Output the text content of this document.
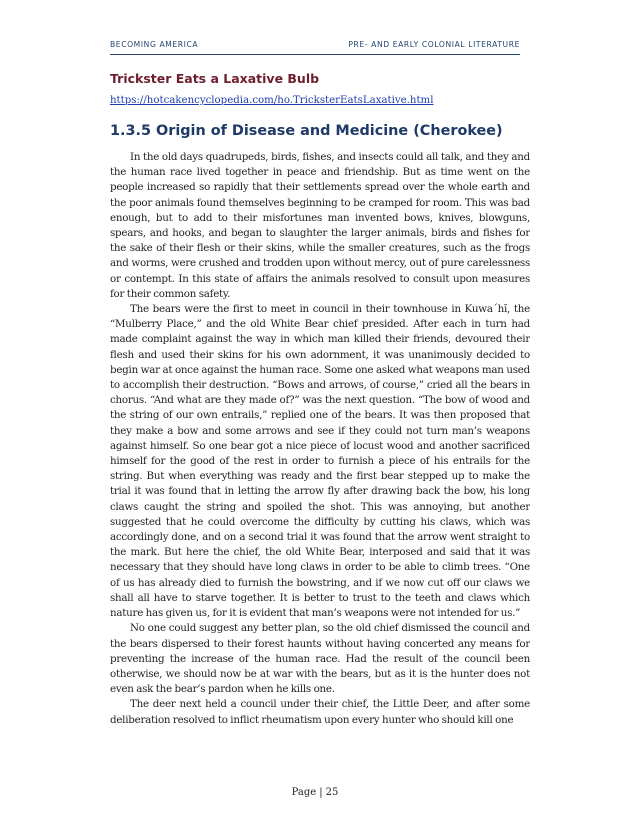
BECOMING AMERICA	PRE- AND EARLY COLONIAL LITERATURE
Trickster Eats a Laxative Bulb
https://hotcakencyclopedia.com/ho.TricksterEatsLaxative.html
1.3.5 Origin of Disease and Medicine (Cherokee)

In the old days quadrupeds, birds, fishes, and insects could all talk, and they and the human race lived together in peace and friendship. But as time went on the people increased so rapidly that their settlements spread over the whole earth and the poor animals found themselves beginning to be cramped for room. This was bad enough, but to add to their misfortunes man invented bows, knives, blowguns, spears, and hooks, and began to slaughter the larger animals, birds and fishes for the sake of their flesh or their skins, while the smaller creatures, such as the frogs and worms, were crushed and trodden upon without mercy, out of pure carelessness or contempt. In this state of affairs the animals resolved to consult upon measures for their common safety.

The bears were the first to meet in council in their townhouse in Kuwa´hĭ, the “Mulberry Place,” and the old White Bear chief presided. After each in turn had made complaint against the way in which man killed their friends, devoured their flesh and used their skins for his own adornment, it was unanimously decided to begin war at once against the human race. Some one asked what weapons man used to accomplish their destruction. “Bows and arrows, of course,” cried all the bears in chorus. “And what are they made of?” was the next question. “The bow of wood and the string of our own entrails,” replied one of the bears. It was then proposed that they make a bow and some arrows and see if they could not turn man’s weapons against himself. So one bear got a nice piece of locust wood and another sacrificed himself for the good of the rest in order to furnish a piece of his entrails for the string. But when everything was ready and the first bear stepped up to make the trial it was found that in letting the arrow fly after drawing back the bow, his long claws caught the string and spoiled the shot. This was annoying, but another suggested that he could overcome the difficulty by cutting his claws, which was accordingly done, and on a second trial it was found that the arrow went straight to the mark. But here the chief, the old White Bear, interposed and said that it was necessary that they should have long claws in order to be able to climb trees. “One of us has already died to furnish the bowstring, and if we now cut off our claws we shall all have to starve together. It is better to trust to the teeth and claws which nature has given us, for it is evident that man’s weapons were not intended for us.”

No one could suggest any better plan, so the old chief dismissed the council and the bears dispersed to their forest haunts without having concerted any means for preventing the increase of the human race. Had the result of the council been otherwise, we should now be at war with the bears, but as it is the hunter does not even ask the bear’s pardon when he kills one.

The deer next held a council under their chief, the Little Deer, and after some deliberation resolved to inflict rheumatism upon every hunter who should kill one

Page | 25
